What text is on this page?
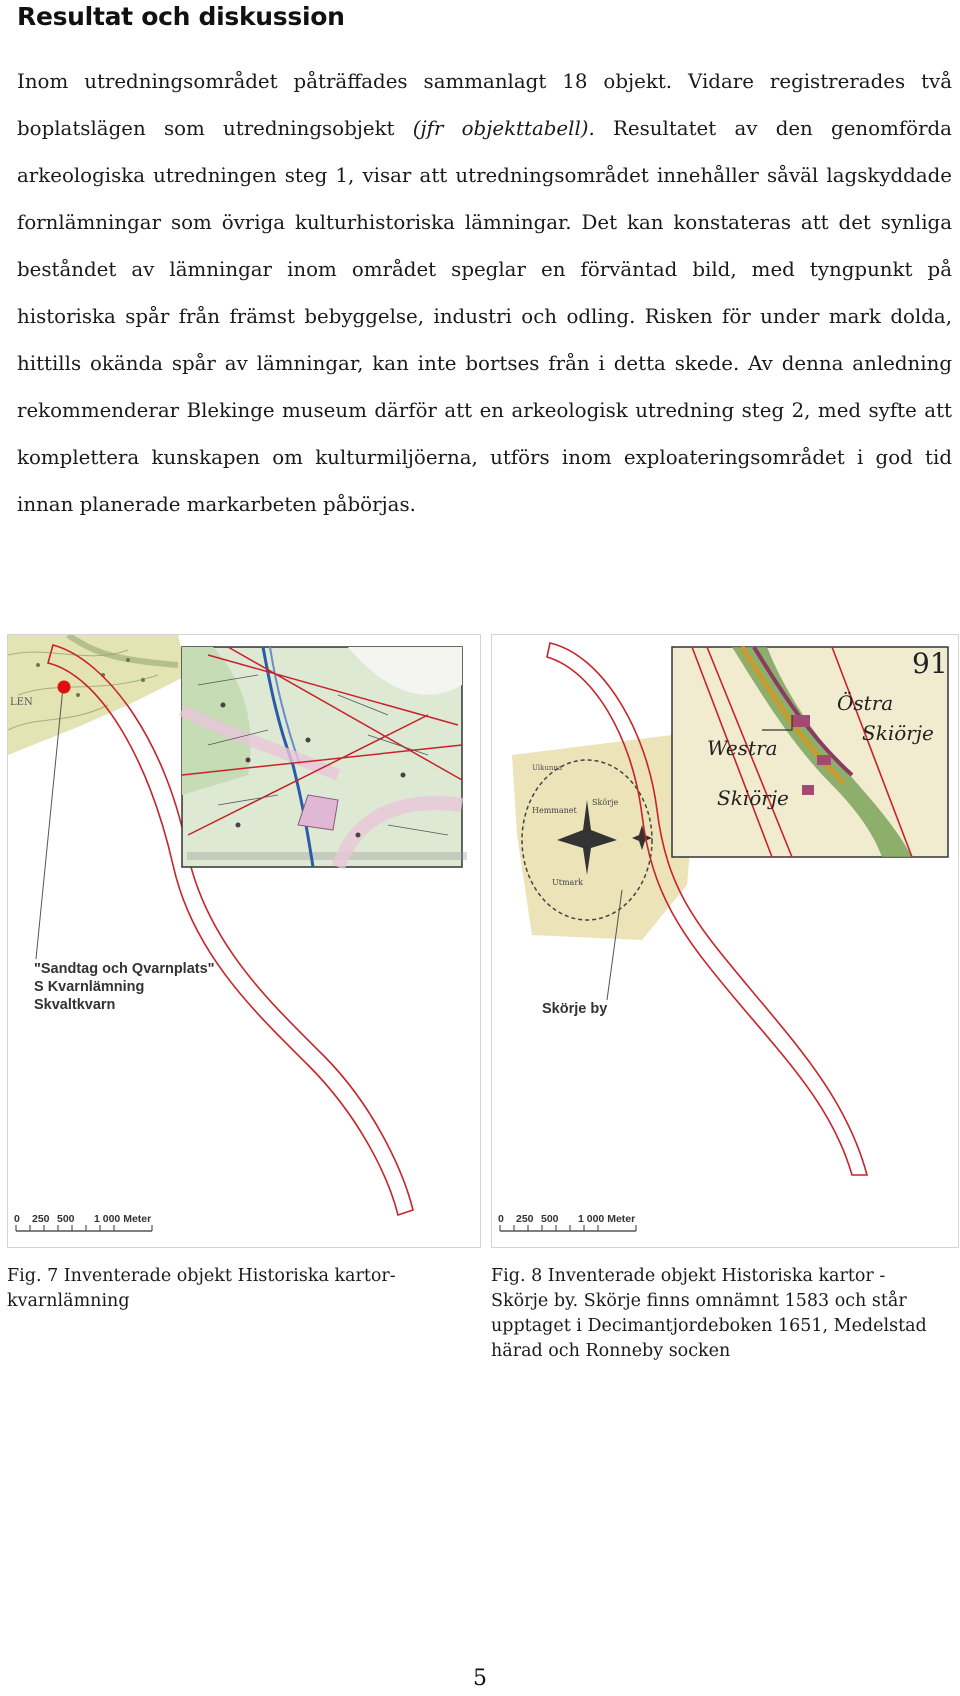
Resultat och diskussion

Inom utredningsområdet påträffades sammanlagt 18 objekt. Vidare registrerades två boplatslägen som utredningsobjekt (jfr objekttabell). Resultatet av den genomförda arkeologiska utredningen steg 1, visar att utredningsområdet innehåller såväl lagskyddade fornlämningar som övriga kulturhistoriska lämningar. Det kan konstateras att det synliga beståndet av lämningar inom området speglar en förväntad bild, med tyngpunkt på historiska spår från främst bebyggelse, industri och odling. Risken för under mark dolda, hittills okända spår av lämningar, kan inte bortses från i detta skede. Av denna anledning rekommenderar Blekinge museum därför att en arkeologisk utredning steg 2, med syfte att komplettera kunskapen om kulturmiljöerna, utförs inom exploateringsområdet i god tid innan planerade markarbeten påbörjas.

LEN
0 250 500 1 000 Meter
"Sandtag och Qvarnplats"
S Kvarnlämning
Skvaltkvarn
Hemmanet
Skörje
Utmark
Ulkunna
Westra
Skiörje
Östra
Skiörje
91
0 250 500 1 000 Meter
Skörje by
Fig. 7 Inventerade objekt Historiska kartor-
kvarnlämning
Fig. 8 Inventerade objekt Historiska kartor -
Skörje by. Skörje finns omnämnt 1583 och står
upptaget i Decimantjordeboken 1651, Medelstad
härad och Ronneby socken
5
